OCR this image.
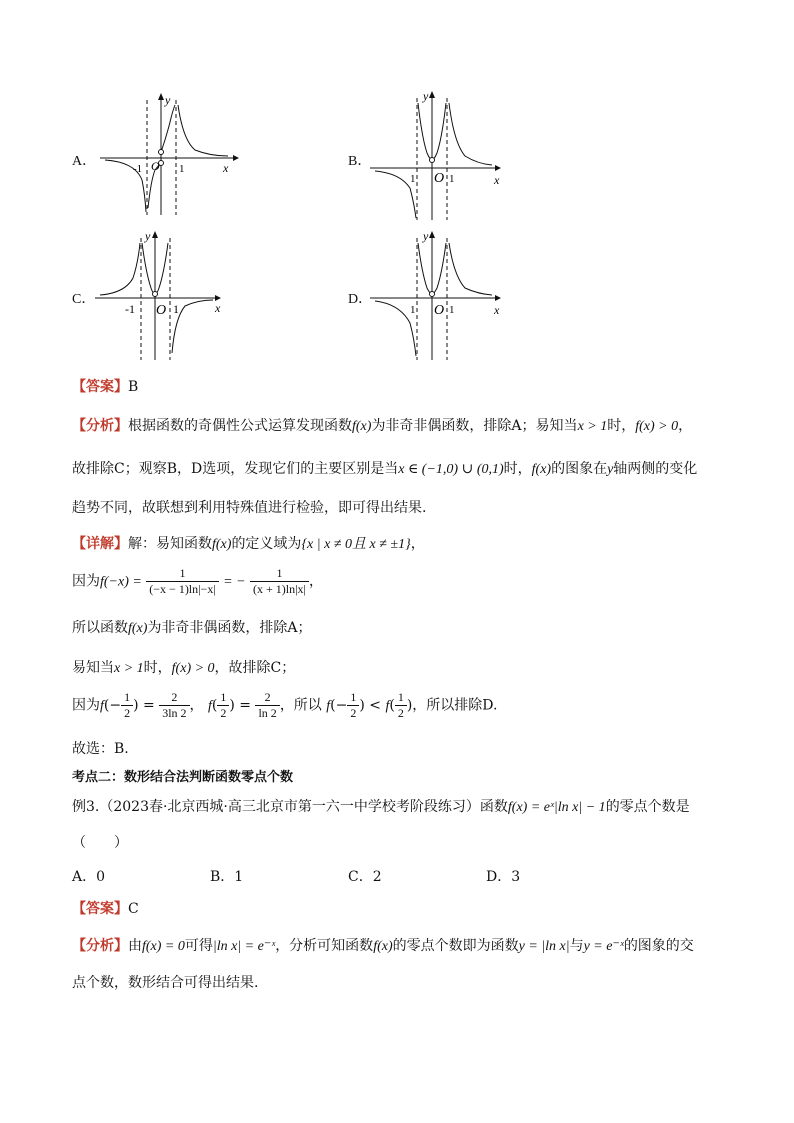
A．	-1 O 1	x
y
B．
1 O 1	x
y
C．
-1 O 1	x
y
D．
1 O 1	x
y
【答案】B
【分析】根据函数的奇偶性公式运算发现函数f(x)为非奇非偶函数，排除A；易知当x > 1时，f(x) > 0，
故排除C；观察B，D选项，发现它们的主要区别是当x ∈ (−1,0) ∪ (0,1)时，f(x)的图象在y轴两侧的变化
趋势不同，故联想到利用特殊值进行检验，即可得出结果.
【详解】解：易知函数f(x)的定义域为{x | x ≠ 0且 x ≠ ±1}，
因为$f(-x) = \frac{1}{(-x - 1)\ln|-x|}$ = − $\frac{1}{(x + 1)\ln|x|}$ ，
所以函数f(x)为非奇非偶函数，排除A；
易知当x > 1时，f(x) > 0，故排除C；
因为$f(- \frac{1}{2}$ ) = $\frac{2}{3\ln 2}$ ， $f( \frac{1}{2}$ ) = $\frac{2}{\ln 2}$ ，所以 $f(- \frac{1}{2}$ ) < $f( \frac{1}{2}$ )，所以排除D.
故选：B.
考点二：数形结合法判断函数零点个数
例3.（2023春·北京西城·高三北京市第一六一中学校考阶段练习）函数f(x) = eˣ|ln x| − 1的零点个数是
（　　）
A．0	B．1	C．2	D．3
【答案】C
【分析】由f(x) = 0可得|ln x| = e⁻ˣ，分析可知函数f(x)的零点个数即为函数y = |ln x|与y = e⁻ˣ的图象的交
点个数，数形结合可得出结果.
